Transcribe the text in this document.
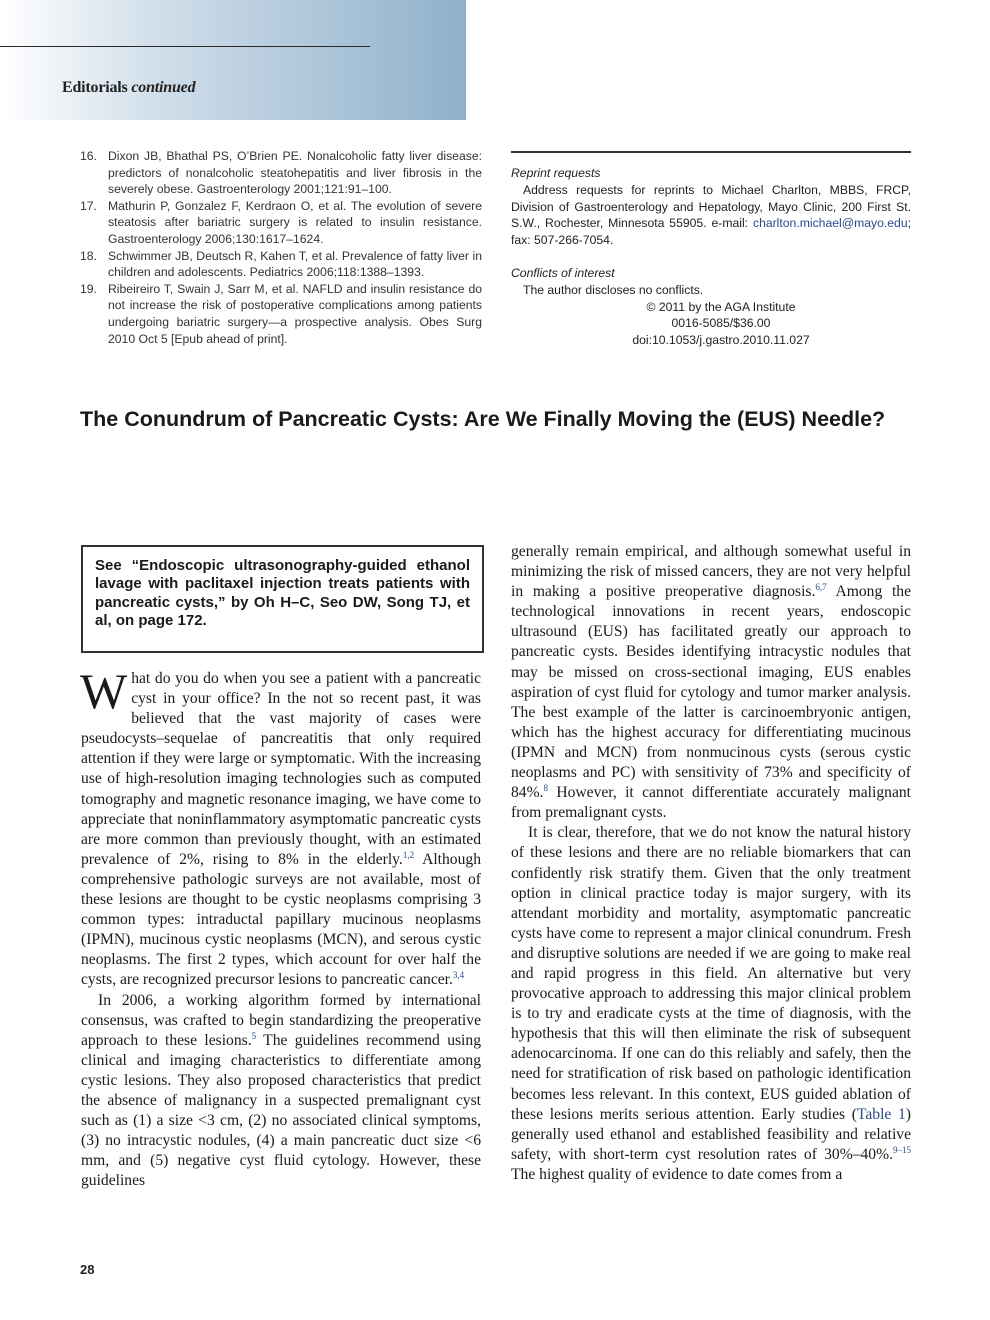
Editorials continued
16. Dixon JB, Bhathal PS, O’Brien PE. Nonalcoholic fatty liver disease: predictors of nonalcoholic steatohepatitis and liver fibrosis in the severely obese. Gastroenterology 2001;121:91–100.
17. Mathurin P, Gonzalez F, Kerdraon O, et al. The evolution of severe steatosis after bariatric surgery is related to insulin resistance. Gastroenterology 2006;130:1617–1624.
18. Schwimmer JB, Deutsch R, Kahen T, et al. Prevalence of fatty liver in children and adolescents. Pediatrics 2006;118:1388–1393.
19. Ribeireiro T, Swain J, Sarr M, et al. NAFLD and insulin resistance do not increase the risk of postoperative complications among patients undergoing bariatric surgery—a prospective analysis. Obes Surg 2010 Oct 5 [Epub ahead of print].
Reprint requests
Address requests for reprints to Michael Charlton, MBBS, FRCP, Division of Gastroenterology and Hepatology, Mayo Clinic, 200 First St. S.W., Rochester, Minnesota 55905. e-mail: charlton.michael@mayo.edu; fax: 507-266-7054.
Conflicts of interest
The author discloses no conflicts.
© 2011 by the AGA Institute
0016-5085/$36.00
doi:10.1053/j.gastro.2010.11.027
The Conundrum of Pancreatic Cysts: Are We Finally Moving the (EUS) Needle?
See “Endoscopic ultrasonography-guided ethanol lavage with paclitaxel injection treats patients with pancreatic cysts,” by Oh H–C, Seo DW, Song TJ, et al, on page 172.

What do you do when you see a patient with a pancreatic cyst in your office? In the not so recent past, it was believed that the vast majority of cases were pseudocysts–sequelae of pancreatitis that only required attention if they were large or symptomatic. With the increasing use of high-resolution imaging technologies such as computed tomography and magnetic resonance imaging, we have come to appreciate that noninflammatory asymptomatic pancreatic cysts are more common than previously thought, with an estimated prevalence of 2%, rising to 8% in the elderly.$^{1,2}$ Although comprehensive pathologic surveys are not available, most of these lesions are thought to be cystic neoplasms comprising 3 common types: intraductal papillary mucinous neoplasms (IPMN), mucinous cystic neoplasms (MCN), and serous cystic neoplasms. The first 2 types, which account for over half the cysts, are recognized precursor lesions to pancreatic cancer.$^{3,4}$

In 2006, a working algorithm formed by international consensus, was crafted to begin standardizing the preoperative approach to these lesions.$^5$ The guidelines recommend using clinical and imaging characteristics to differentiate among cystic lesions. They also proposed characteristics that predict the absence of malignancy in a suspected premalignant cyst such as (1) a size <3 cm, (2) no associated clinical symptoms, (3) no intracystic nodules, (4) a main pancreatic duct size <6 mm, and (5) negative cyst fluid cytology. However, these guidelines

generally remain empirical, and although somewhat useful in minimizing the risk of missed cancers, they are not very helpful in making a positive preoperative diagnosis.$^{6,7}$ Among the technological innovations in recent years, endoscopic ultrasound (EUS) has facilitated greatly our approach to pancreatic cysts. Besides identifying intracystic nodules that may be missed on cross-sectional imaging, EUS enables aspiration of cyst fluid for cytology and tumor marker analysis. The best example of the latter is carcinoembryonic antigen, which has the highest accuracy for differentiating mucinous (IPMN and MCN) from nonmucinous cysts (serous cystic neoplasms and PC) with sensitivity of 73% and specificity of 84%.$^8$ However, it cannot differentiate accurately malignant from premalignant cysts.

It is clear, therefore, that we do not know the natural history of these lesions and there are no reliable biomarkers that can confidently risk stratify them. Given that the only treatment option in clinical practice today is major surgery, with its attendant morbidity and mortality, asymptomatic pancreatic cysts have come to represent a major clinical conundrum. Fresh and disruptive solutions are needed if we are going to make real and rapid progress in this field. An alternative but very provocative approach to addressing this major clinical problem is to try and eradicate cysts at the time of diagnosis, with the hypothesis that this will then eliminate the risk of subsequent adenocarcinoma. If one can do this reliably and safely, then the need for stratification of risk based on pathologic identification becomes less relevant. In this context, EUS guided ablation of these lesions merits serious attention. Early studies (Table 1) generally used ethanol and established feasibility and relative safety, with short-term cyst resolution rates of 30%–40%.$^{9-15}$ The highest quality of evidence to date comes from a

28
